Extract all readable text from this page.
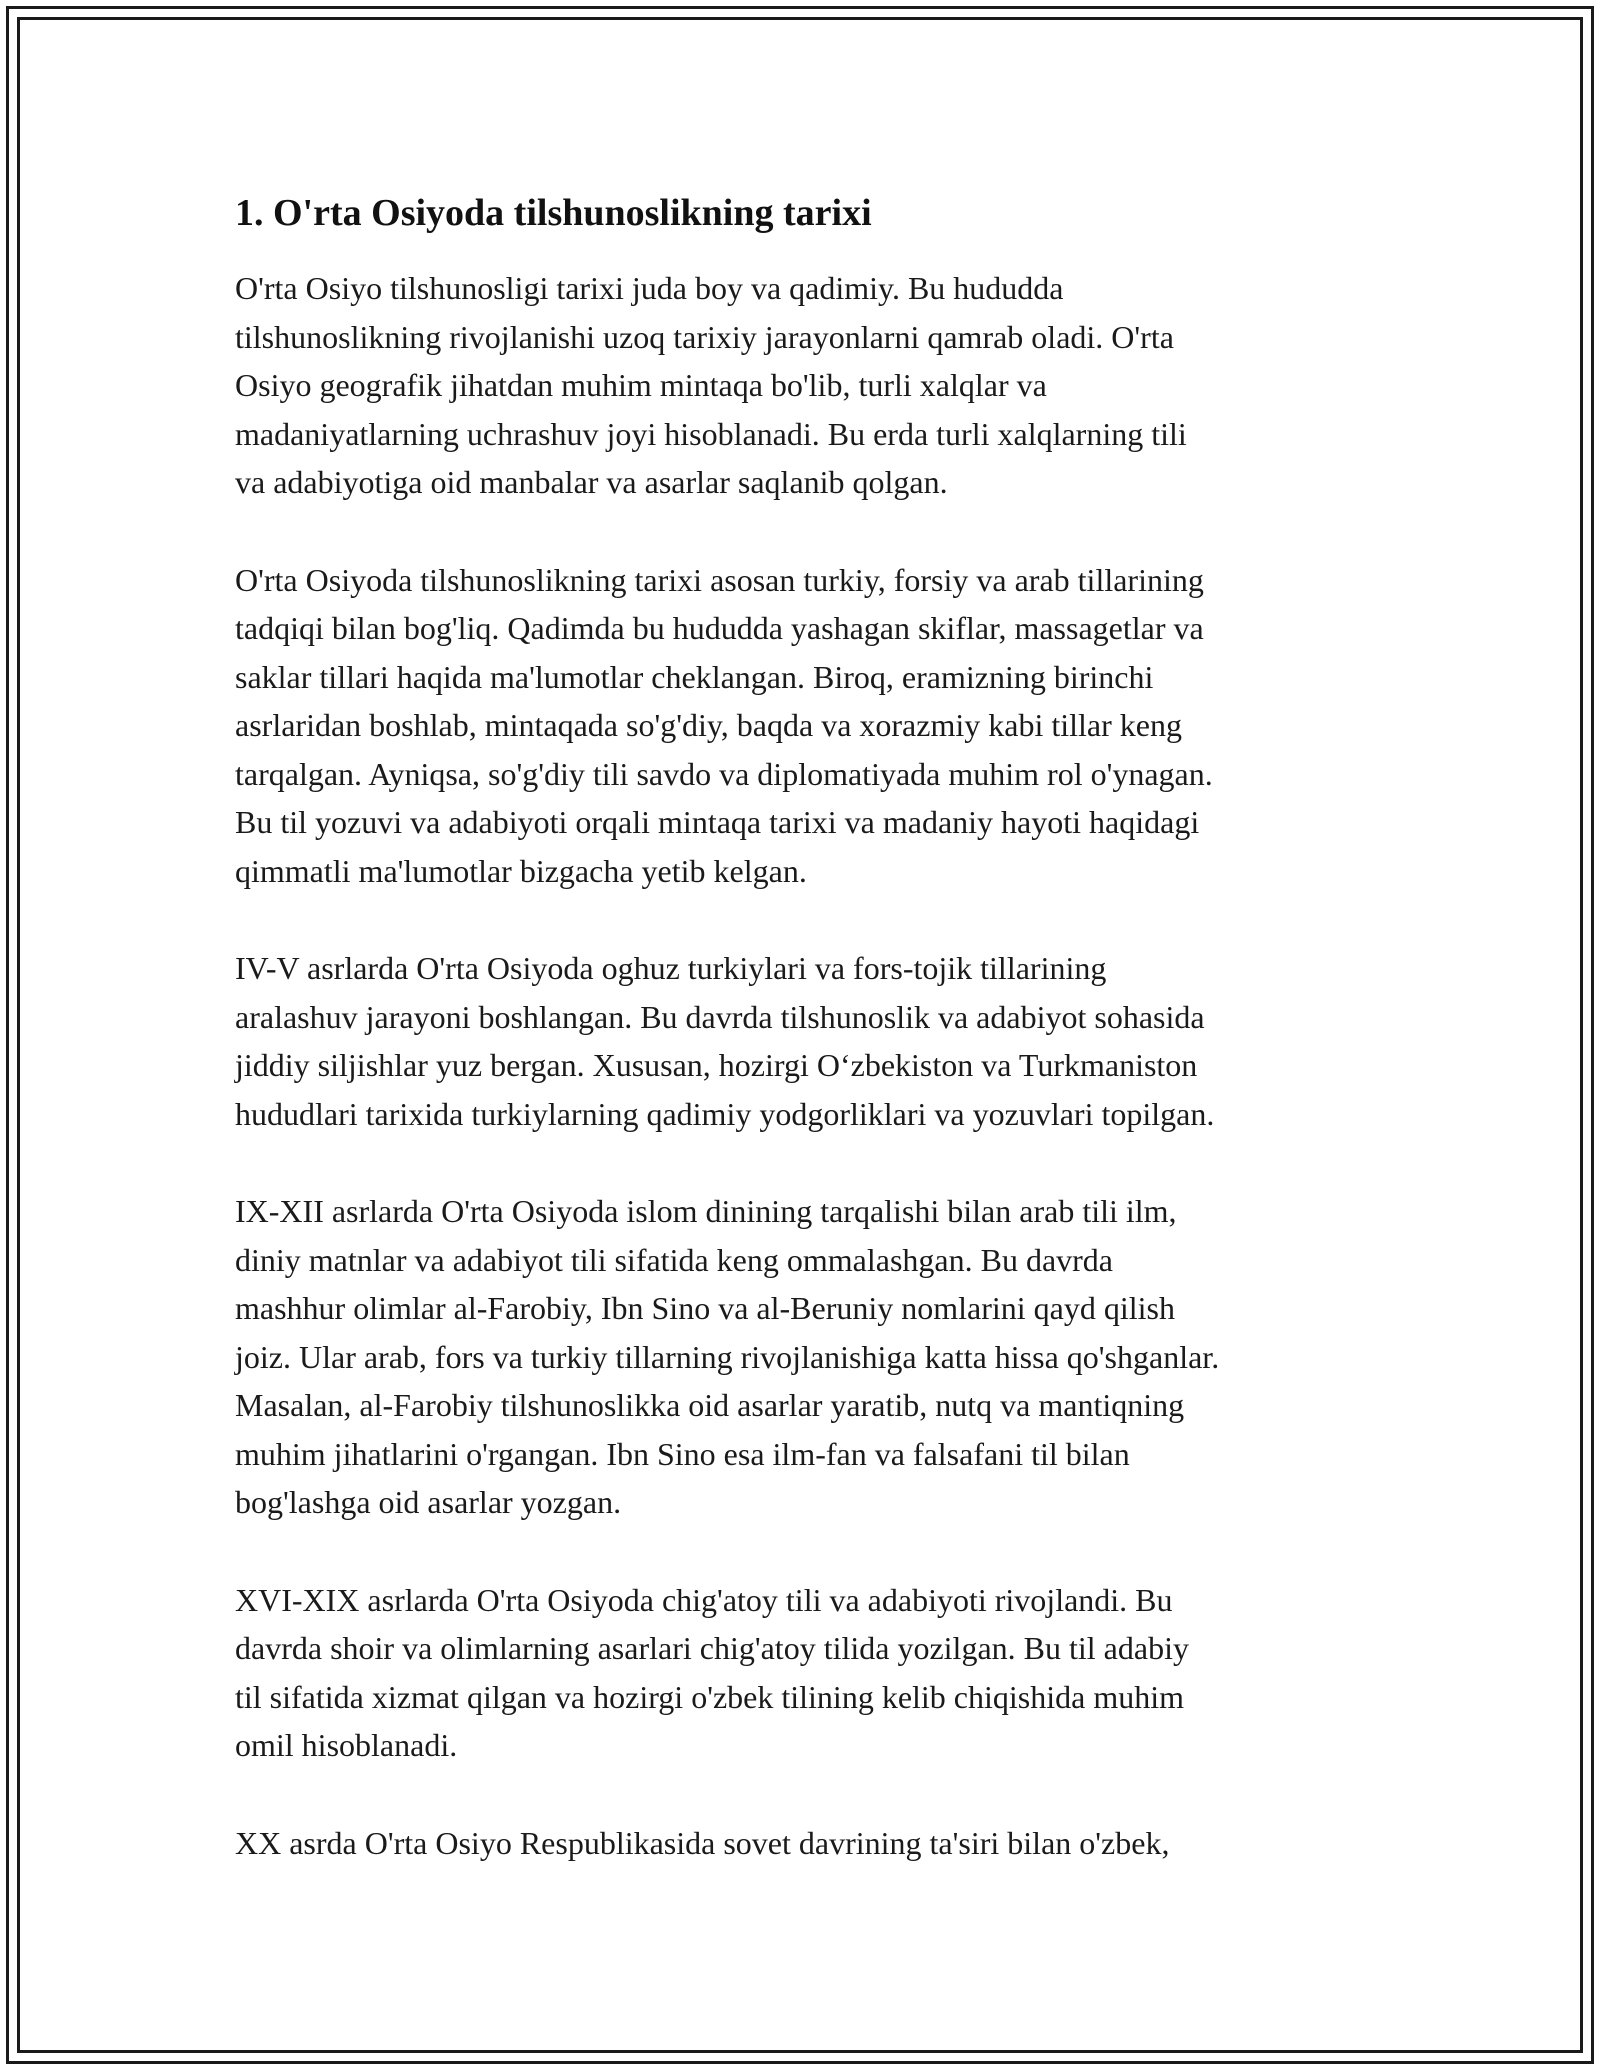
1. O'rta Osiyoda tilshunoslikning tarixi

O'rta Osiyo tilshunosligi tarixi juda boy va qadimiy. Bu hududda
tilshunoslikning rivojlanishi uzoq tarixiy jarayonlarni qamrab oladi. O'rta
Osiyo geografik jihatdan muhim mintaqa bo'lib, turli xalqlar va
madaniyatlarning uchrashuv joyi hisoblanadi. Bu erda turli xalqlarning tili
va adabiyotiga oid manbalar va asarlar saqlanib qolgan.

O'rta Osiyoda tilshunoslikning tarixi asosan turkiy, forsiy va arab tillarining
tadqiqi bilan bog'liq. Qadimda bu hududda yashagan skiflar, massagetlar va
saklar tillari haqida ma'lumotlar cheklangan. Biroq, eramizning birinchi
asrlaridan boshlab, mintaqada so'g'diy, baqda va xorazmiy kabi tillar keng
tarqalgan. Ayniqsa, so'g'diy tili savdo va diplomatiyada muhim rol o'ynagan.
Bu til yozuvi va adabiyoti orqali mintaqa tarixi va madaniy hayoti haqidagi
qimmatli ma'lumotlar bizgacha yetib kelgan.

IV-V asrlarda O'rta Osiyoda oghuz turkiylari va fors-tojik tillarining
aralashuv jarayoni boshlangan. Bu davrda tilshunoslik va adabiyot sohasida
jiddiy siljishlar yuz bergan. Xususan, hozirgi O‘zbekiston va Turkmaniston
hududlari tarixida turkiylarning qadimiy yodgorliklari va yozuvlari topilgan.

IX-XII asrlarda O'rta Osiyoda islom dinining tarqalishi bilan arab tili ilm,
diniy matnlar va adabiyot tili sifatida keng ommalashgan. Bu davrda
mashhur olimlar al-Farobiy, Ibn Sino va al-Beruniy nomlarini qayd qilish
joiz. Ular arab, fors va turkiy tillarning rivojlanishiga katta hissa qo'shganlar.
Masalan, al-Farobiy tilshunoslikka oid asarlar yaratib, nutq va mantiqning
muhim jihatlarini o'rgangan. Ibn Sino esa ilm-fan va falsafani til bilan
bog'lashga oid asarlar yozgan.

XVI-XIX asrlarda O'rta Osiyoda chig'atoy tili va adabiyoti rivojlandi. Bu
davrda shoir va olimlarning asarlari chig'atoy tilida yozilgan. Bu til adabiy
til sifatida xizmat qilgan va hozirgi o'zbek tilining kelib chiqishida muhim
omil hisoblanadi.

XX asrda O'rta Osiyo Respublikasida sovet davrining ta'siri bilan o'zbek,
